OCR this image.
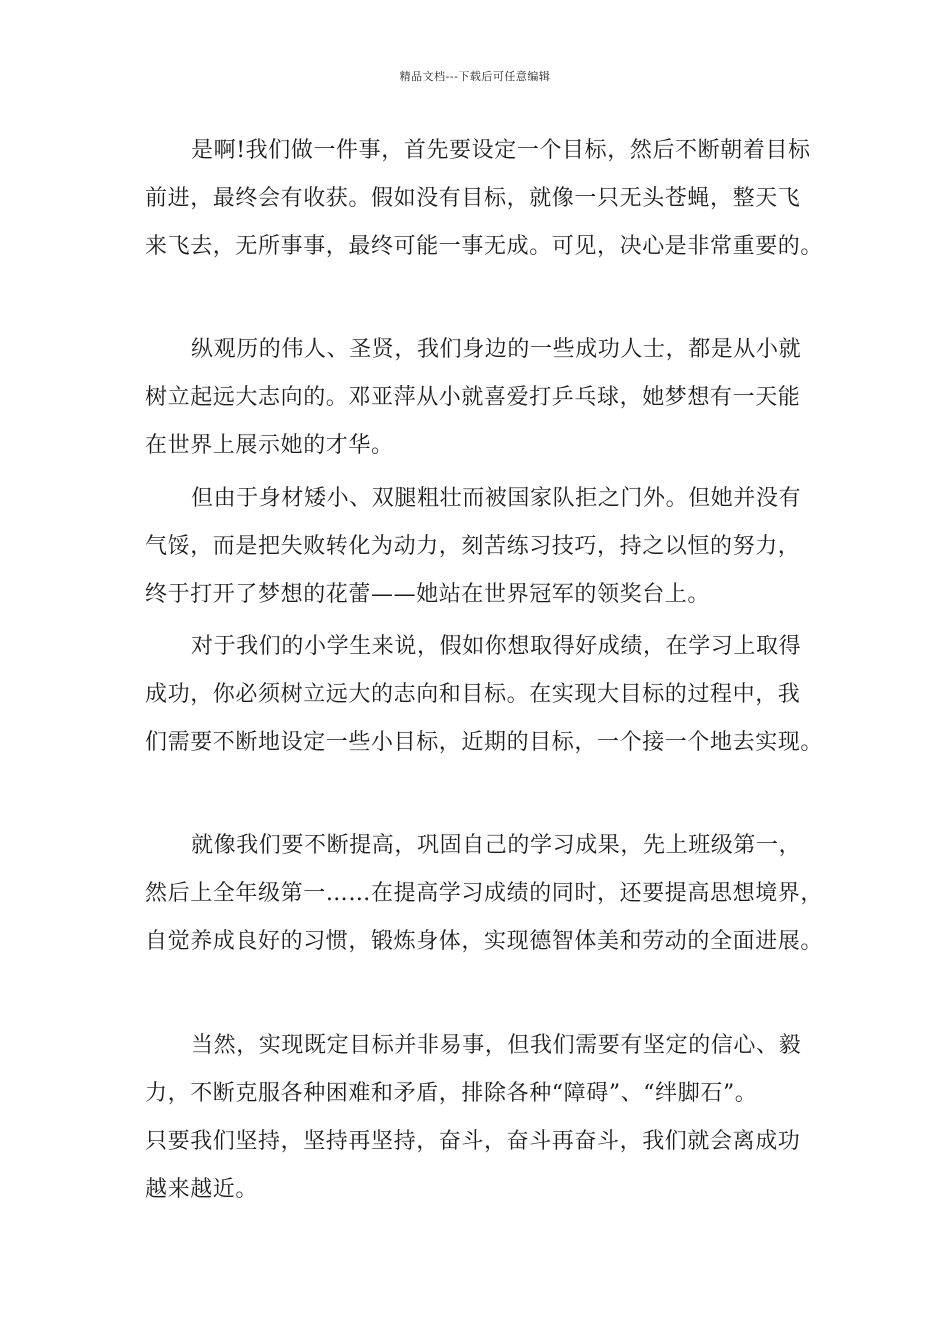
精品文档---下载后可任意编辑
是啊!我们做一件事，首先要设定一个目标，然后不断朝着目标
前进，最终会有收获。假如没有目标，就像一只无头苍蝇，整天飞
来飞去，无所事事，最终可能一事无成。可见，决心是非常重要的。
纵观历的伟人、圣贤，我们身边的一些成功人士，都是从小就
树立起远大志向的。邓亚萍从小就喜爱打乒乓球，她梦想有一天能
在世界上展示她的才华。
但由于身材矮小、双腿粗壮而被国家队拒之门外。但她并没有
气馁，而是把失败转化为动力，刻苦练习技巧，持之以恒的努力，
终于打开了梦想的花蕾——她站在世界冠军的领奖台上。
对于我们的小学生来说，假如你想取得好成绩，在学习上取得
成功，你必须树立远大的志向和目标。在实现大目标的过程中，我
们需要不断地设定一些小目标，近期的目标，一个接一个地去实现。
就像我们要不断提高，巩固自己的学习成果，先上班级第一，
然后上全年级第一……在提高学习成绩的同时，还要提高思想境界，
自觉养成良好的习惯，锻炼身体，实现德智体美和劳动的全面进展。
当然，实现既定目标并非易事，但我们需要有坚定的信心、毅
力，不断克服各种困难和矛盾，排除各种“障碍”、“绊脚石”。
只要我们坚持，坚持再坚持，奋斗，奋斗再奋斗，我们就会离成功
越来越近。
